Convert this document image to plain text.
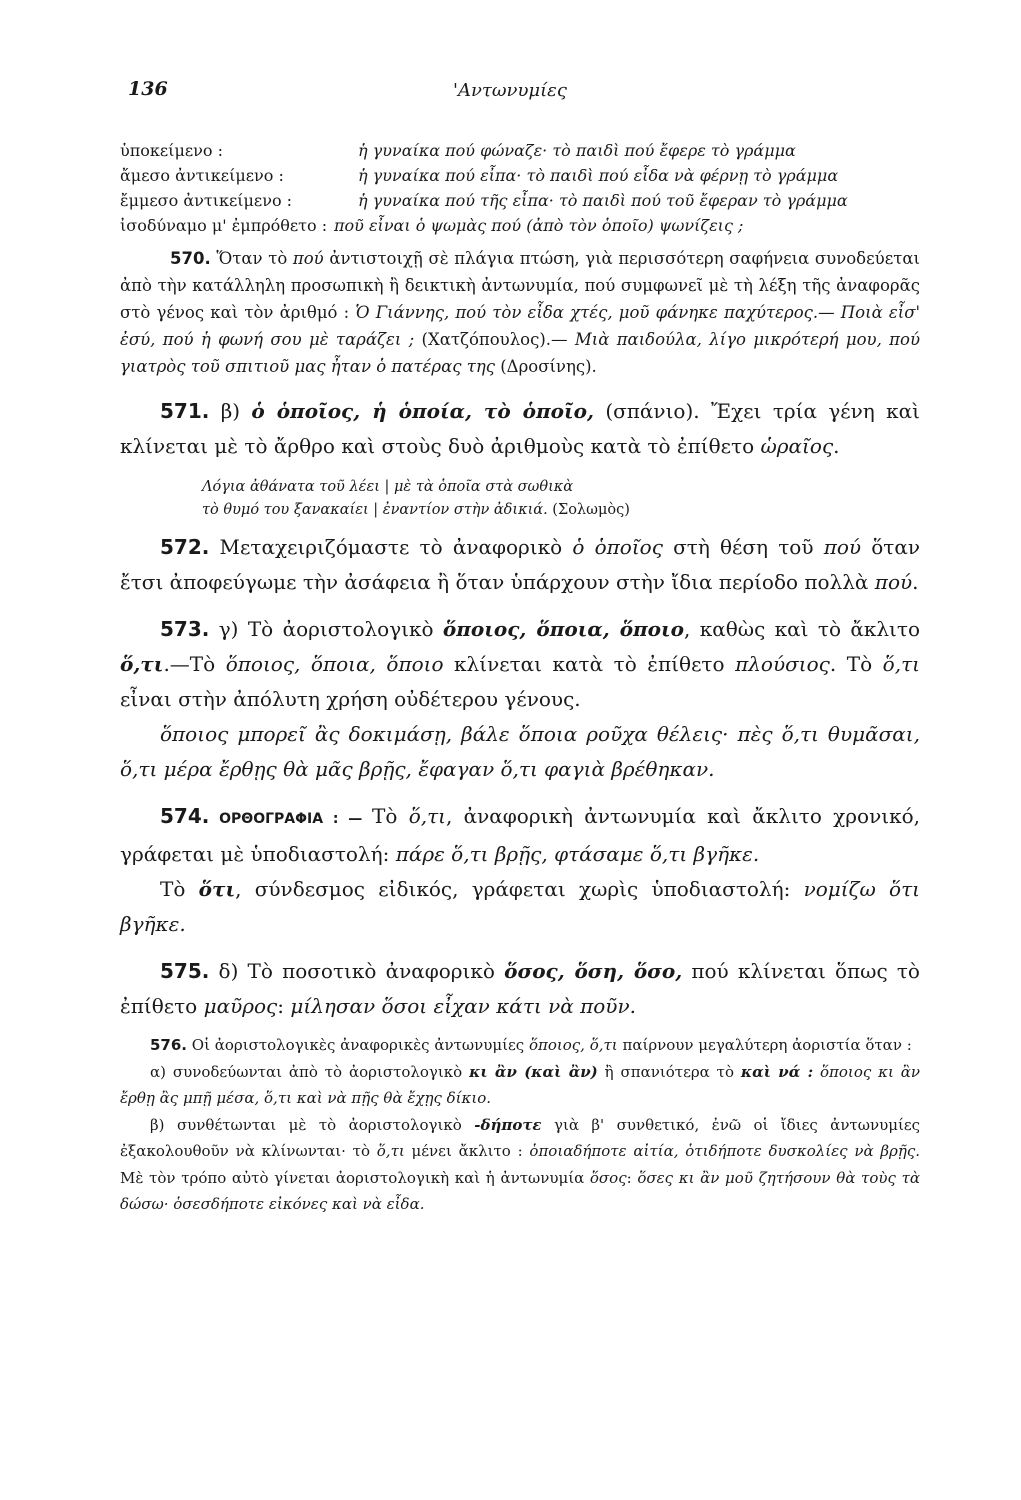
136	'Αντωνυμίες
ὑποκείμενο :	ἡ γυναίκα πού φώναζε· τὸ παιδὶ πού ἔφερε τὸ γράμμα
ἄμεσο ἀντικείμενο :	ἡ γυναίκα πού εἶπα· τὸ παιδὶ πού εἶδα νὰ φέρνῃ τὸ γράμμα
ἔμμεσο ἀντικείμενο :	ἡ γυναίκα πού τῆς εἶπα· τὸ παιδὶ πού τοῦ ἔφεραν τὸ γράμμα
ἰσοδύναμο μ' ἐμπρόθετο : ποῦ εἶναι ὁ ψωμὰς πού (ἀπὸ τὸν ὁποῖο) ψωνίζεις ;

570. Ὅταν τὸ πού ἀντιστοιχῇ σὲ πλάγια πτώση, γιὰ περισσότερη σαφήνεια συνοδεύεται ἀπὸ τὴν κατάλληλη προσωπικὴ ἢ δεικτικὴ ἀντωνυμία, πού συμφωνεῖ μὲ τὴ λέξη τῆς ἀναφορᾶς στὸ γένος καὶ τὸν ἀριθμό : Ὁ Γιάννης, πού τὸν εἶδα χτές, μοῦ φάνηκε παχύτερος.— Ποιὰ εἶσ' ἐσύ, πού ἡ φωνή σου μὲ ταράζει ; (Χατζόπουλος).— Μιὰ παιδούλα, λίγο μικρότερή μου, πού γιατρὸς τοῦ σπιτιοῦ μας ἦταν ὁ πατέρας της (Δροσίνης).

571. β) ὁ ὁποῖος, ἡ ὁποία, τὸ ὁποῖο, (σπάνιο). Ἔχει τρία γένη καὶ κλίνεται μὲ τὸ ἄρθρο καὶ στοὺς δυὸ ἀριθμοὺς κατὰ τὸ ἐπίθετο ὡραῖος.

Λόγια ἀθάνατα τοῦ λέει | μὲ τὰ ὁποῖα στὰ σωθικὰ
τὸ θυμό του ξανακαίει | ἐναντίον στὴν ἀδικιά. (Σολωμὸς)

572. Μεταχειριζόμαστε τὸ ἀναφορικὸ ὁ ὁποῖος στὴ θέση τοῦ πού ὅταν ἔτσι ἀποφεύγωμε τὴν ἀσάφεια ἢ ὅταν ὑπάρχουν στὴν ἴδια περίοδο πολλὰ πού.

573. γ) Τὸ ἀοριστολογικὸ ὅποιος, ὅποια, ὅποιο, καθὼς καὶ τὸ ἄκλιτο ὅ,τι.—Τὸ ὅποιος, ὅποια, ὅποιο κλίνεται κατὰ τὸ ἐπίθετο πλούσιος. Τὸ ὅ,τι εἶναι στὴν ἀπόλυτη χρήση οὐδέτερου γένους.

ὅποιος μπορεῖ ἂς δοκιμάσῃ, βάλε ὅποια ροῦχα θέλεις· πὲς ὅ,τι θυμᾶσαι, ὅ,τι μέρα ἔρθῃς θὰ μᾶς βρῇς, ἔφαγαν ὅ,τι φαγιὰ βρέθηκαν.

574. ΟΡΘΟΓΡΑΦΙΑ : — Τὸ ὅ,τι, ἀναφορικὴ ἀντωνυμία καὶ ἄκλιτο χρονικό, γράφεται μὲ ὑποδιαστολή: πάρε ὅ,τι βρῇς, φτάσαμε ὅ,τι βγῆκε.

Τὸ ὅτι, σύνδεσμος εἰδικός, γράφεται χωρὶς ὑποδιαστολή: νομίζω ὅτι βγῆκε.

575. δ) Τὸ ποσοτικὸ ἀναφορικὸ ὅσος, ὅση, ὅσο, πού κλίνεται ὅπως τὸ ἐπίθετο μαῦρος: μίλησαν ὅσοι εἶχαν κάτι νὰ ποῦν.

576. Οἱ ἀοριστολογικὲς ἀναφορικὲς ἀντωνυμίες ὅποιος, ὅ,τι παίρνουν μεγαλύτερη ἀοριστία ὅταν :

α) συνοδεύωνται ἀπὸ τὸ ἀοριστολογικὸ κι ἂν (καὶ ἂν) ἢ σπανιότερα τὸ καὶ νά : ὅποιος κι ἂν ἔρθῃ ἂς μπῇ μέσα, ὅ,τι καὶ νὰ πῇς θὰ ἔχῃς δίκιο.

β) συνθέτωνται μὲ τὸ ἀοριστολογικὸ -δήποτε γιὰ β' συνθετικό, ἐνῶ οἱ ἴδιες ἀντωνυμίες ἐξακολουθοῦν νὰ κλίνωνται· τὸ ὅ,τι μένει ἄκλιτο : ὁποιαδήποτε αἰτία, ὁτιδήποτε δυσκολίες νὰ βρῇς. Μὲ τὸν τρόπο αὐτὸ γίνεται ἀοριστολογικὴ καὶ ἡ ἀντωνυμία ὅσος: ὅσες κι ἂν μοῦ ζητήσουν θὰ τοὺς τὰ δώσω· ὁσεσδήποτε εἰκόνες καὶ νὰ εἶδα.
